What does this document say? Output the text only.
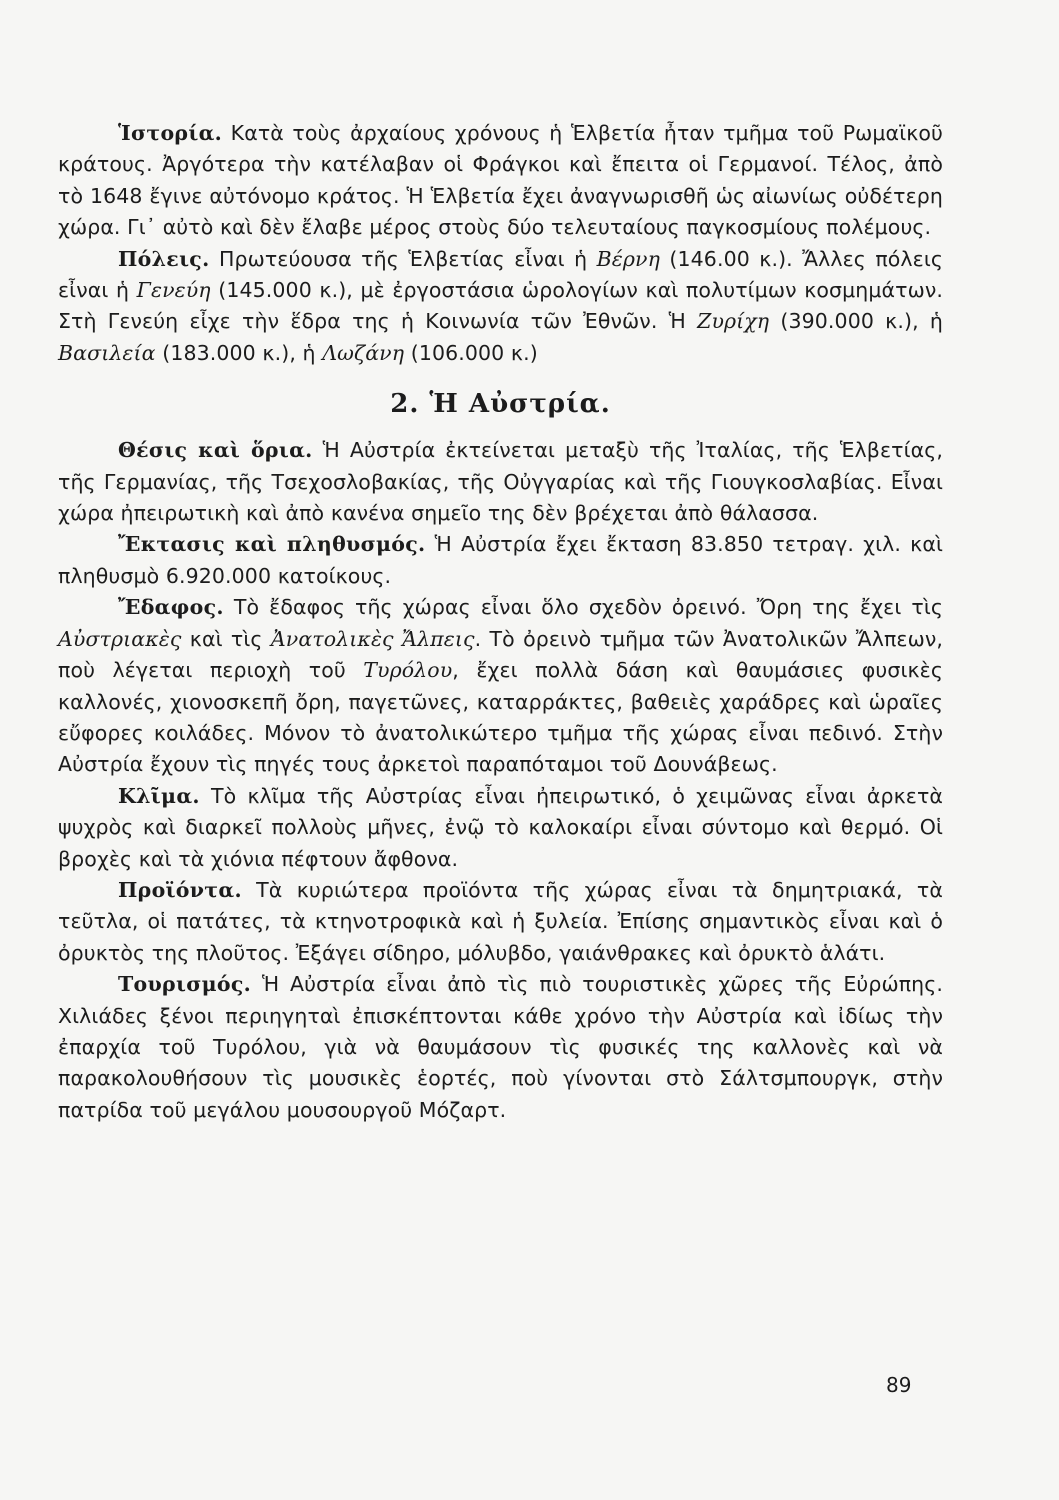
Ἱστορία. Κατὰ τοὺς ἀρχαίους χρόνους ἡ Ἑλβετία ἦταν τμῆμα τοῦ Ρωμαϊκοῦ κράτους. Ἀργότερα τὴν κατέλαβαν οἱ Φράγκοι καὶ ἔπειτα οἱ Γερμανοί. Τέλος, ἀπὸ τὸ 1648 ἔγινε αὐτόνομο κράτος. Ἡ Ἑλβετία ἔχει ἀναγνωρισθῆ ὡς αἰωνίως οὐδέτερη χώρα. Γι᾽ αὐτὸ καὶ δὲν ἔλαβε μέρος στοὺς δύο τελευταίους παγκοσμίους πολέμους.

Πόλεις. Πρωτεύουσα τῆς Ἑλβετίας εἶναι ἡ Βέρνη (146.00 κ.). Ἄλλες πόλεις εἶναι ἡ Γενεύη (145.000 κ.), μὲ ἐργοστάσια ὡρολογίων καὶ πολυτίμων κοσμημάτων. Στὴ Γενεύη εἶχε τὴν ἕδρα της ἡ Κοινωνία τῶν Ἐθνῶν. Ἡ Ζυρίχη (390.000 κ.), ἡ Βασιλεία (183.000 κ.), ἡ Λωζάνη (106.000 κ.)

2. Ἡ Αὐστρία.

Θέσις καὶ ὅρια. Ἡ Αὐστρία ἐκτείνεται μεταξὺ τῆς Ἰταλίας, τῆς Ἑλβετίας, τῆς Γερμανίας, τῆς Τσεχοσλοβακίας, τῆς Οὐγγαρίας καὶ τῆς Γιουγκοσλαβίας. Εἶναι χώρα ἠπειρωτικὴ καὶ ἀπὸ κανένα σημεῖο της δὲν βρέχεται ἀπὸ θάλασσα.

Ἔκτασις καὶ πληθυσμός. Ἡ Αὐστρία ἔχει ἔκταση 83.850 τετραγ. χιλ. καὶ πληθυσμὸ 6.920.000 κατοίκους.

Ἔδαφος. Τὸ ἔδαφος τῆς χώρας εἶναι ὅλο σχεδὸν ὀρεινό. Ὄρη της ἔχει τὶς Αὐστριακὲς καὶ τὶς Ἀνατολικὲς Ἄλπεις. Τὸ ὀρεινὸ τμῆμα τῶν Ἀνατολικῶν Ἄλπεων, ποὺ λέγεται περιοχὴ τοῦ Τυρόλου, ἔχει πολλὰ δάση καὶ θαυμάσιες φυσικὲς καλλονές, χιονοσκεπῆ ὄρη, παγετῶνες, καταρράκτες, βαθειὲς χαράδρες καὶ ὡραῖες εὔφορες κοιλάδες. Μόνον τὸ ἀνατολικώτερο τμῆμα τῆς χώρας εἶναι πεδινό. Στὴν Αὐστρία ἔχουν τὶς πηγές τους ἀρκετοὶ παραπόταμοι τοῦ Δουνάβεως.

Κλῖμα. Τὸ κλῖμα τῆς Αὐστρίας εἶναι ἠπειρωτικό, ὁ χειμῶνας εἶναι ἀρκετὰ ψυχρὸς καὶ διαρκεῖ πολλοὺς μῆνες, ἐνῷ τὸ καλοκαίρι εἶναι σύντομο καὶ θερμό. Οἱ βροχὲς καὶ τὰ χιόνια πέφτουν ἄφθονα.

Προϊόντα. Τὰ κυριώτερα προϊόντα τῆς χώρας εἶναι τὰ δημητριακά, τὰ τεῦτλα, οἱ πατάτες, τὰ κτηνοτροφικὰ καὶ ἡ ξυλεία. Ἐπίσης σημαντικὸς εἶναι καὶ ὁ ὀρυκτὸς της πλοῦτος. Ἐξάγει σίδηρο, μόλυβδο, γαιάνθρακες καὶ ὀρυκτὸ ἁλάτι.

Τουρισμός. Ἡ Αὐστρία εἶναι ἀπὸ τὶς πιὸ τουριστικὲς χῶρες τῆς Εὐρώπης. Χιλιάδες ξένοι περιηγηταὶ ἐπισκέπτονται κάθε χρόνο τὴν Αὐστρία καὶ ἰδίως τὴν ἐπαρχία τοῦ Τυρόλου, γιὰ νὰ θαυμάσουν τὶς φυσικές της καλλονὲς καὶ νὰ παρακολουθήσουν τὶς μουσικὲς ἑορτές, ποὺ γίνονται στὸ Σάλτσμπουργκ, στὴν πατρίδα τοῦ μεγάλου μουσουργοῦ Μόζαρτ.

89
